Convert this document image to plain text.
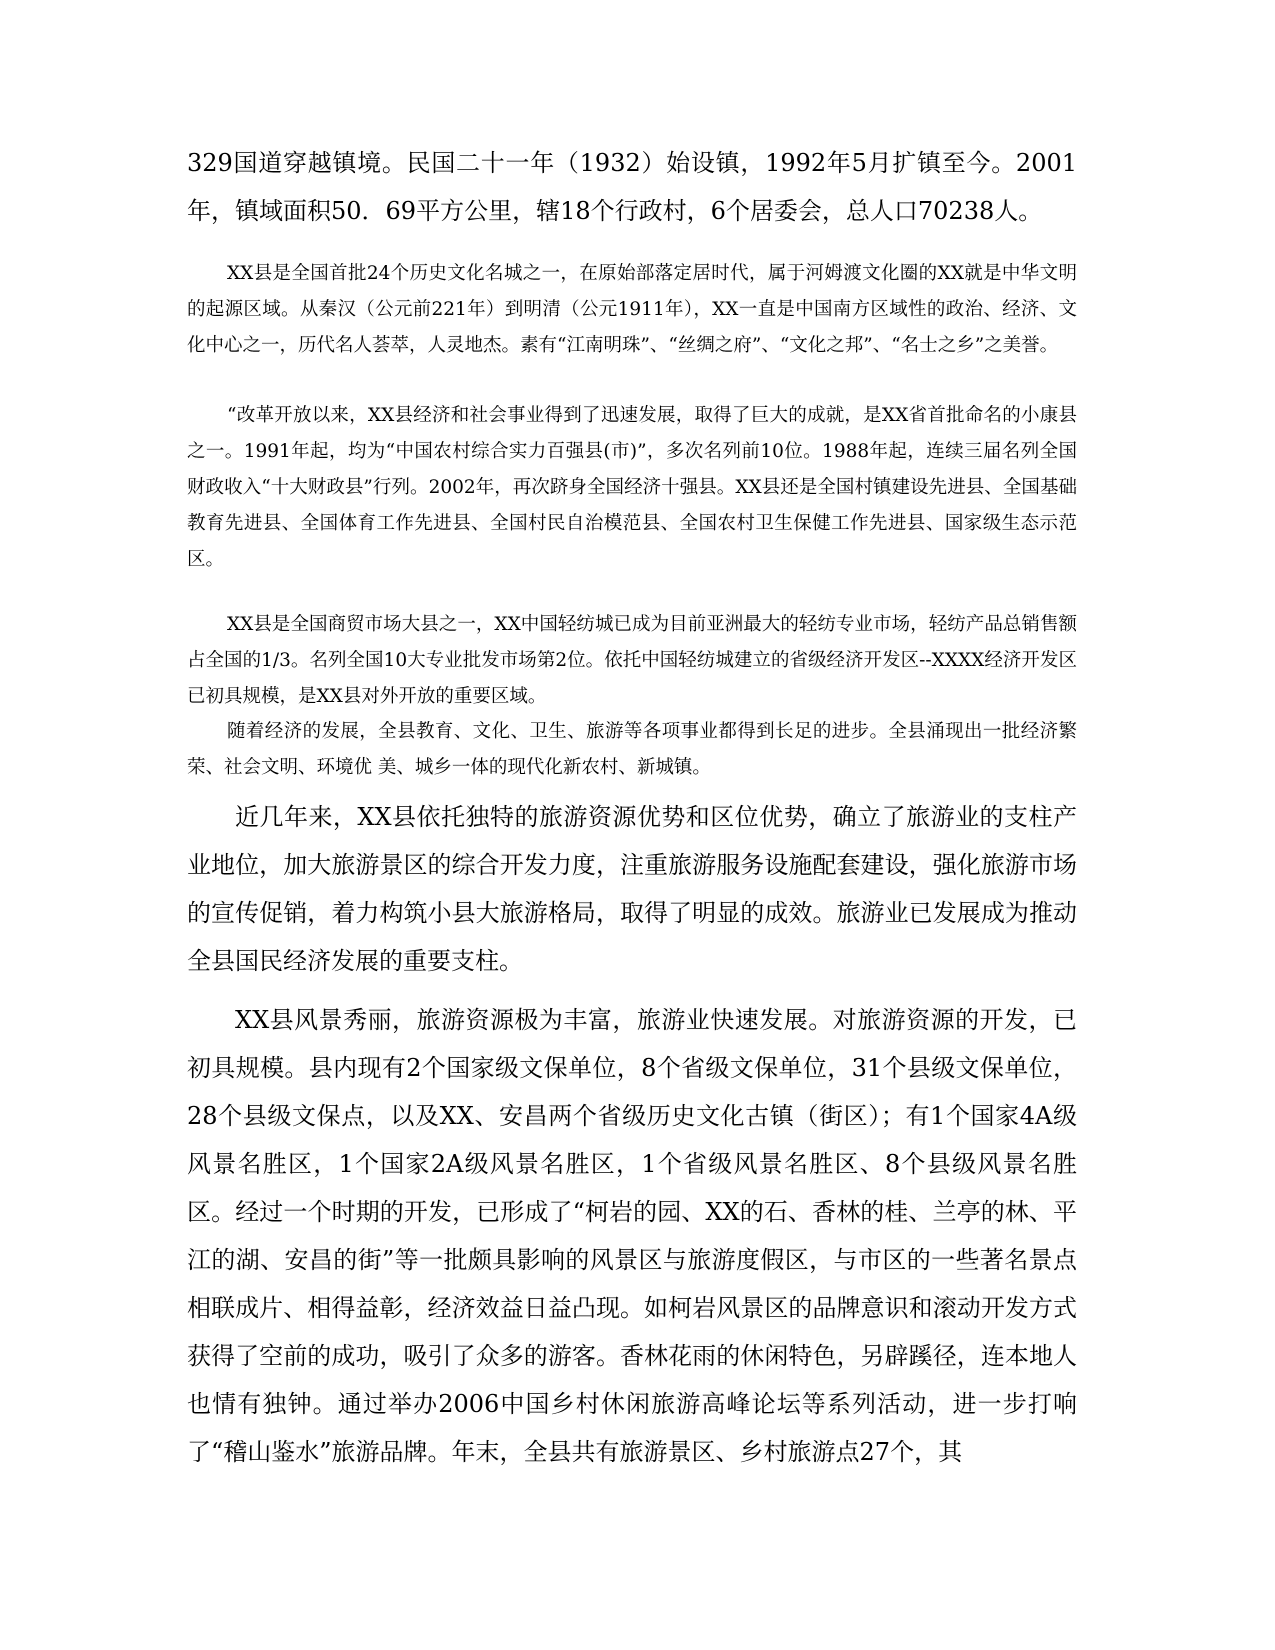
329国道穿越镇境。民国二十一年（1932）始设镇，1992年5月扩镇至今。2001年，镇域面积50．69平方公里，辖18个行政村，6个居委会，总人口70238人。

XX县是全国首批24个历史文化名城之一，在原始部落定居时代，属于河姆渡文化圈的XX就是中华文明的起源区域。从秦汉（公元前221年）到明清（公元1911年），XX一直是中国南方区域性的政治、经济、文化中心之一，历代名人荟萃，人灵地杰。素有“江南明珠”、“丝绸之府”、“文化之邦”、“名士之乡”之美誉。

“改革开放以来，XX县经济和社会事业得到了迅速发展，取得了巨大的成就，是XX省首批命名的小康县之一。1991年起，均为“中国农村综合实力百强县(市)”，多次名列前10位。1988年起，连续三届名列全国财政收入“十大财政县”行列。2002年，再次跻身全国经济十强县。XX县还是全国村镇建设先进县、全国基础教育先进县、全国体育工作先进县、全国村民自治模范县、全国农村卫生保健工作先进县、国家级生态示范区。

XX县是全国商贸市场大县之一，XX中国轻纺城已成为目前亚洲最大的轻纺专业市场，轻纺产品总销售额占全国的1/3。名列全国10大专业批发市场第2位。依托中国轻纺城建立的省级经济开发区--XXXX经济开发区已初具规模，是XX县对外开放的重要区域。

随着经济的发展，全县教育、文化、卫生、旅游等各项事业都得到长足的进步。全县涌现出一批经济繁荣、社会文明、环境优 美、城乡一体的现代化新农村、新城镇。

近几年来，XX县依托独特的旅游资源优势和区位优势，确立了旅游业的支柱产业地位，加大旅游景区的综合开发力度，注重旅游服务设施配套建设，强化旅游市场的宣传促销，着力构筑小县大旅游格局，取得了明显的成效。旅游业已发展成为推动全县国民经济发展的重要支柱。

XX县风景秀丽，旅游资源极为丰富，旅游业快速发展。对旅游资源的开发，已初具规模。县内现有2个国家级文保单位，8个省级文保单位，31个县级文保单位，28个县级文保点，以及XX、安昌两个省级历史文化古镇（街区）；有1个国家4A级风景名胜区，1个国家2A级风景名胜区，1个省级风景名胜区、8个县级风景名胜区。经过一个时期的开发，已形成了“柯岩的园、XX的石、香林的桂、兰亭的林、平江的湖、安昌的街”等一批颇具影响的风景区与旅游度假区，与市区的一些著名景点相联成片、相得益彰，经济效益日益凸现。如柯岩风景区的品牌意识和滚动开发方式获得了空前的成功，吸引了众多的游客。香林花雨的休闲特色，另辟蹊径，连本地人也情有独钟。通过举办2006中国乡村休闲旅游高峰论坛等系列活动，进一步打响了“稽山鉴水”旅游品牌。年末，全县共有旅游景区、乡村旅游点27个，其
